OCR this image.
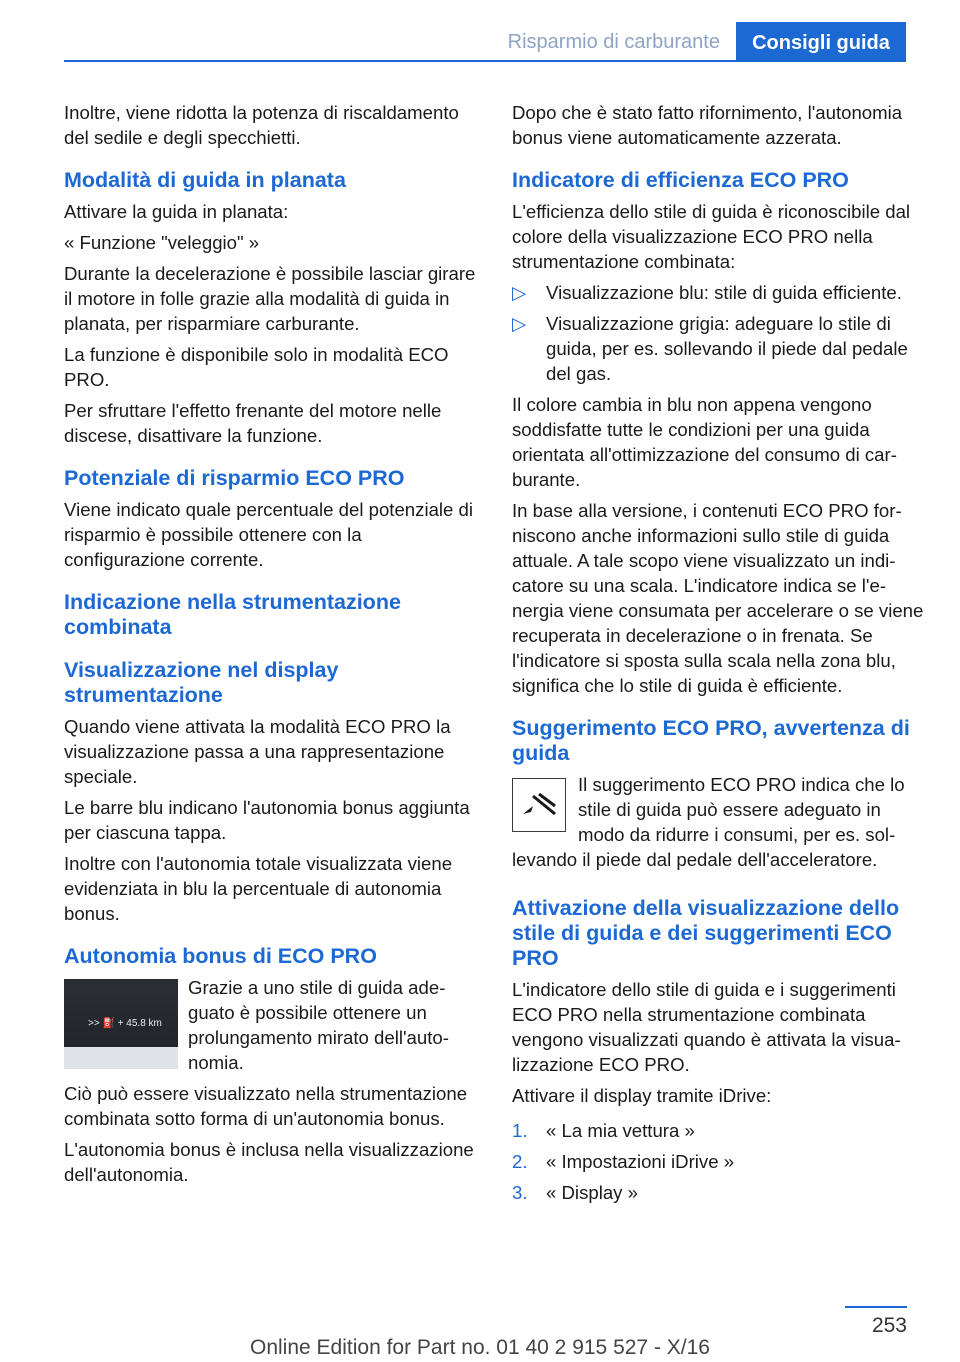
Risparmio di carburante	Consigli guida

Inoltre, viene ridotta la potenza di riscaldamento del sedile e degli specchietti.

Modalità di guida in planata

Attivare la guida in planata:

« Funzione "veleggio" »

Durante la decelerazione è possibile lasciar girare il motore in folle grazie alla modalità di guida in planata, per risparmiare carburante.

La funzione è disponibile solo in modalità ECO PRO.

Per sfruttare l'effetto frenante del motore nelle discese, disattivare la funzione.

Potenziale di risparmio ECO PRO

Viene indicato quale percentuale del potenziale di risparmio è possibile ottenere con la configurazione corrente.

Indicazione nella strumentazione combinata
Visualizzazione nel display strumentazione

Quando viene attivata la modalità ECO PRO la visualizzazione passa a una rappresentazione speciale.

Le barre blu indicano l'autonomia bonus aggiunta per ciascuna tappa.

Inoltre con l'autonomia totale visualizzata viene evidenziata in blu la percentuale di autonomia bonus.

Autonomia bonus di ECO PRO
>> ⛽ + 45.8 km

Grazie a uno stile di guida adeguato è possibile ottenere un prolungamento mirato dell'autonomia.

Ciò può essere visualizzato nella strumentazione combinata sotto forma di un'autonomia bonus.

L'autonomia bonus è inclusa nella visualizzazione dell'autonomia.

Dopo che è stato fatto rifornimento, l'autonomia bonus viene automaticamente azzerata.

Indicatore di efficienza ECO PRO

L'efficienza dello stile di guida è riconoscibile dal colore della visualizzazione ECO PRO nella strumentazione combinata:

▷ Visualizzazione blu: stile di guida efficiente.
▷ Visualizzazione grigia: adeguare lo stile di guida, per es. sollevando il piede dal pedale del gas.

Il colore cambia in blu non appena vengono soddisfatte tutte le condizioni per una guida orientata all'ottimizzazione del consumo di carburante.

In base alla versione, i contenuti ECO PRO forniscono anche informazioni sullo stile di guida attuale. A tale scopo viene visualizzato un indicatore su una scala. L'indicatore indica se l'energia viene consumata per accelerare o se viene recuperata in decelerazione o in frenata. Se l'indicatore si sposta sulla scala nella zona blu, significa che lo stile di guida è efficiente.

Suggerimento ECO PRO, avvertenza di guida

Il suggerimento ECO PRO indica che lo stile di guida può essere adeguato in modo da ridurre i consumi, per es. sollevando il piede dal pedale dell'acceleratore.

Attivazione della visualizzazione dello stile di guida e dei suggerimenti ECO PRO

L'indicatore dello stile di guida e i suggerimenti ECO PRO nella strumentazione combinata vengono visualizzati quando è attivata la visualizzazione ECO PRO.

Attivare il display tramite iDrive:

1. « La mia vettura »
2. « Impostazioni iDrive »
3. « Display »
253
Online Edition for Part no. 01 40 2 915 527 - X/16
